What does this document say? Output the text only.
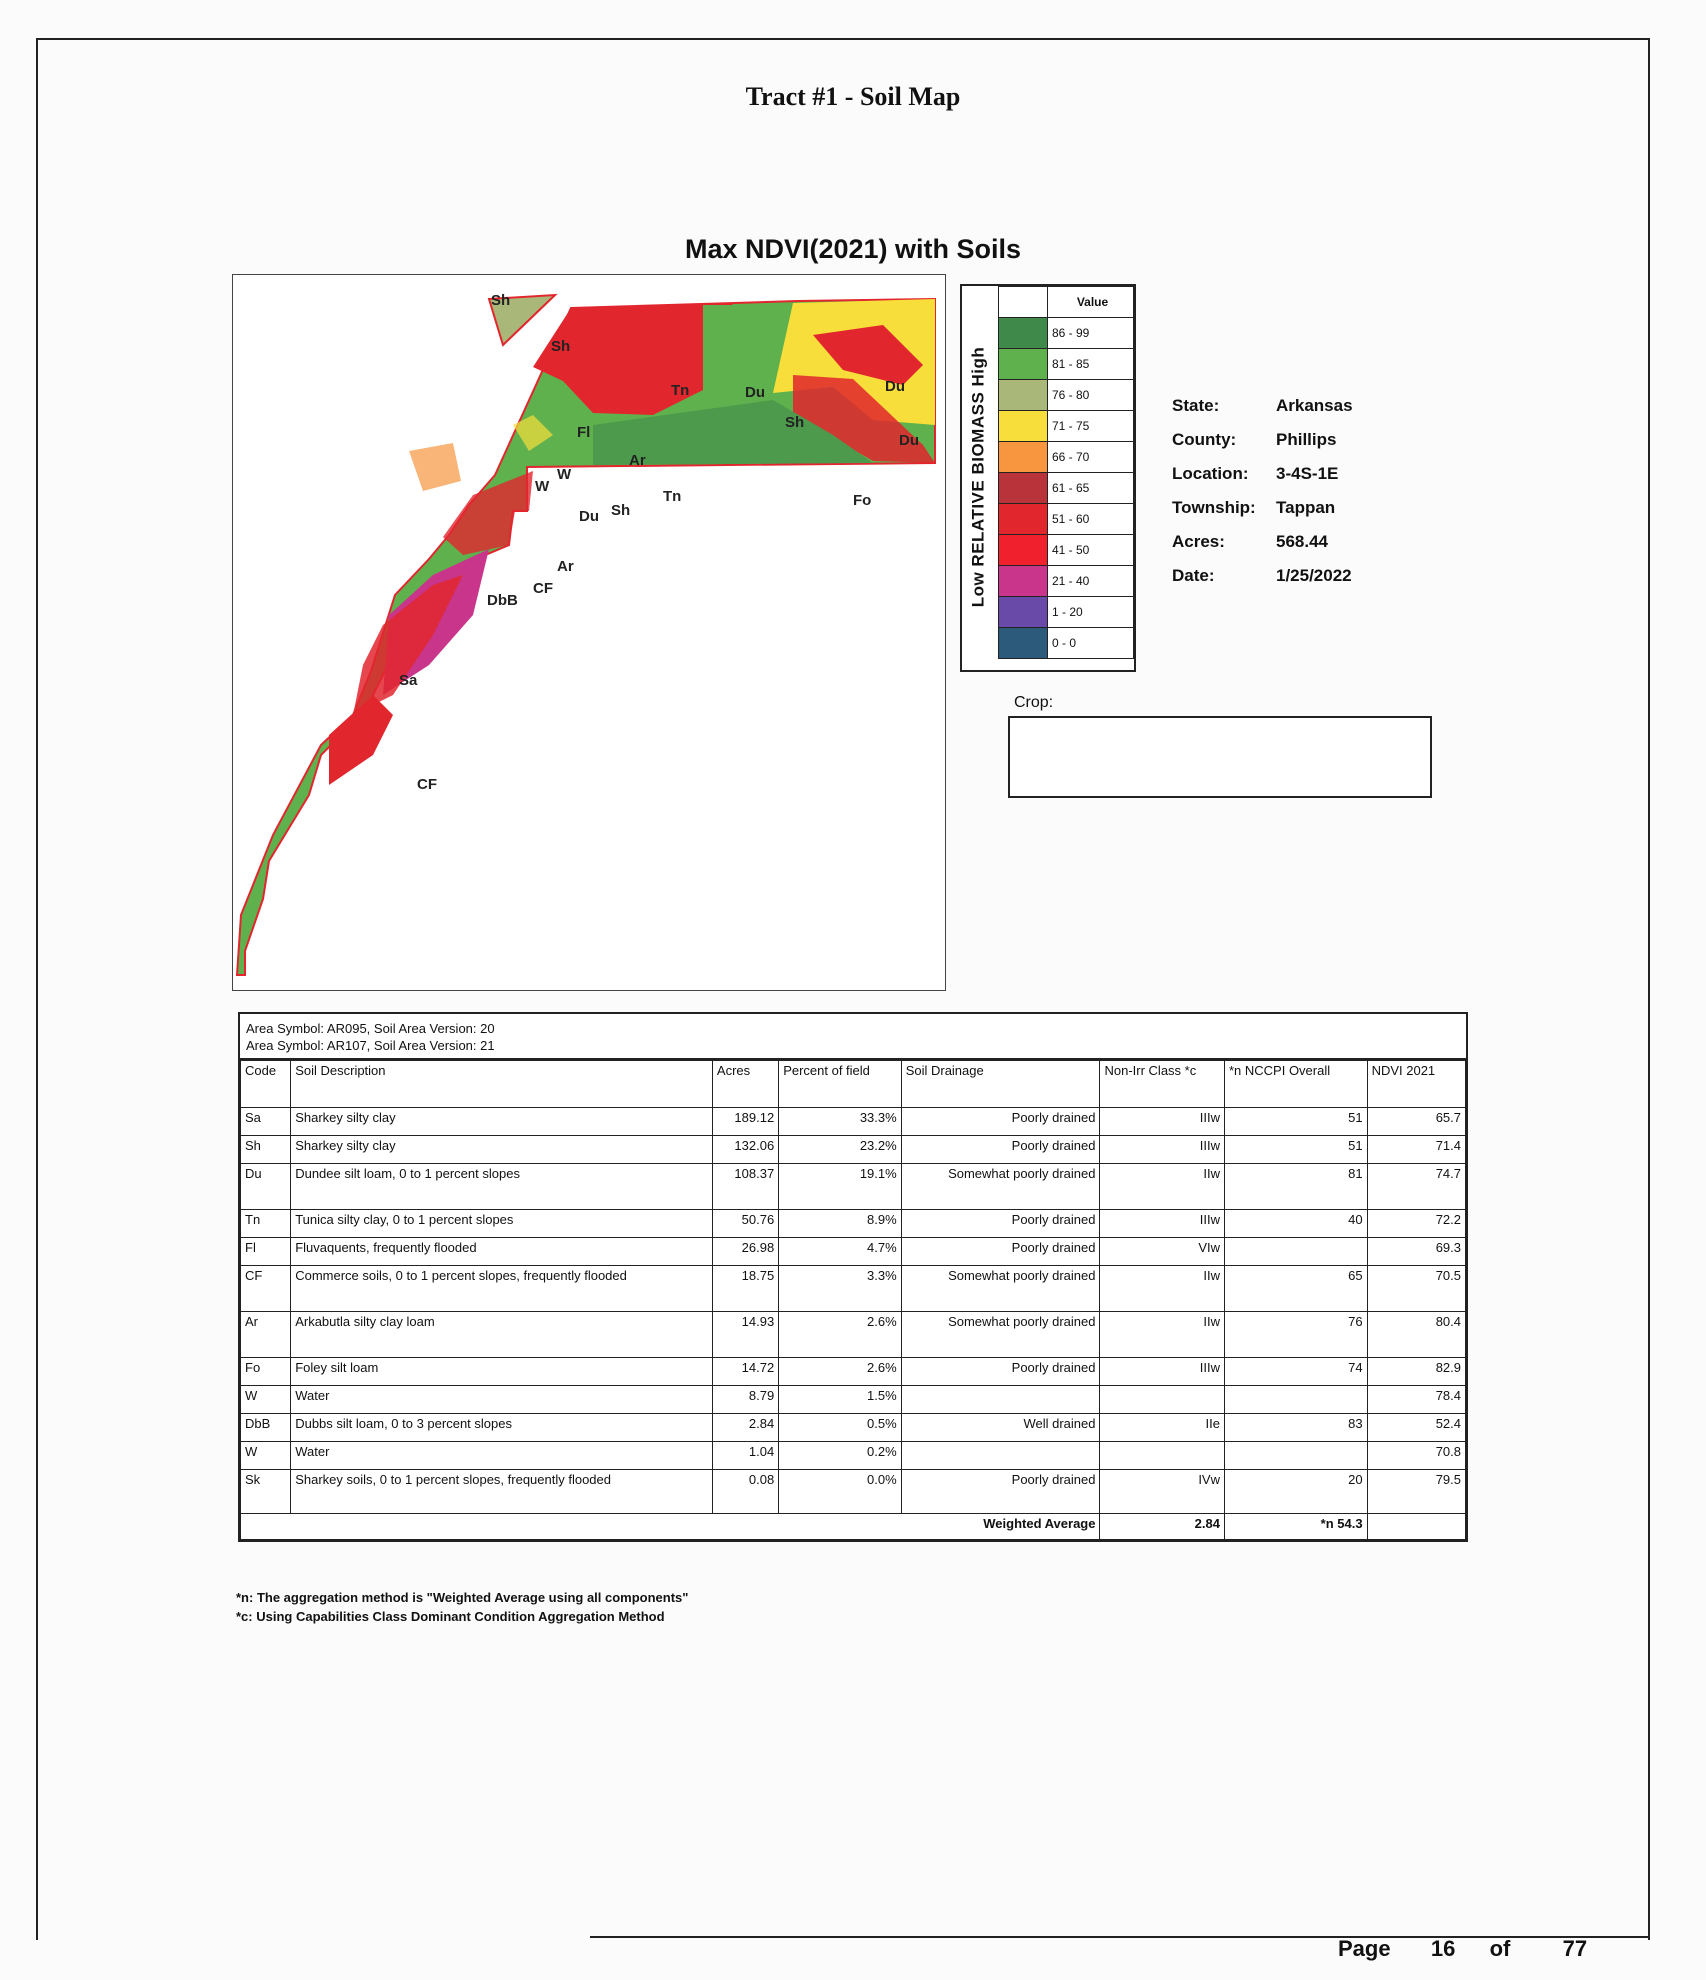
Tract #1 - Soil Map
Max NDVI(2021) with Soils
Sh
Sh
Tn	Du	Du
Sh
Du
Fl
Ar
Tn
W
W
Du Sh
Fo
Ar
DbB
CF
Sa
CF
Low RELATIVE BIOMASS High
	Value
	86 - 99
	81 - 85
	76 - 80
	71 - 75
	66 - 70
	61 - 65
	51 - 60
	41 - 50
	21 - 40
	1 - 20
	0 - 0
State:	Arkansas
County:	Phillips
Location:	3-4S-1E
Township:	Tappan
Acres:	568.44
Date:	1/25/2022
Crop:
Area Symbol: AR095, Soil Area Version: 20
Area Symbol: AR107, Soil Area Version: 21
Code	Soil Description	Acres	Percent of field	Soil Drainage	Non-Irr Class *c	*n NCCPI Overall	NDVI 2021
Sa	Sharkey silty clay	189.12	33.3%	Poorly drained	IIIw	51	65.7
Sh	Sharkey silty clay	132.06	23.2%	Poorly drained	IIIw	51	71.4
Du	Dundee silt loam, 0 to 1 percent slopes	108.37	19.1%	Somewhat poorly drained	IIw	81	74.7
Tn	Tunica silty clay, 0 to 1 percent slopes	50.76	8.9%	Poorly drained	IIIw	40	72.2
Fl	Fluvaquents, frequently flooded	26.98	4.7%	Poorly drained	VIw		69.3
CF	Commerce soils, 0 to 1 percent slopes, frequently flooded	18.75	3.3%	Somewhat poorly drained	IIw	65	70.5
Ar	Arkabutla silty clay loam	14.93	2.6%	Somewhat poorly drained	IIw	76	80.4
Fo	Foley silt loam	14.72	2.6%	Poorly drained	IIIw	74	82.9
W	Water	8.79	1.5%				78.4
DbB	Dubbs silt loam, 0 to 3 percent slopes	2.84	0.5%	Well drained	IIe	83	52.4
W	Water	1.04	0.2%				70.8
Sk	Sharkey soils, 0 to 1 percent slopes, frequently flooded	0.08	0.0%	Poorly drained	IVw	20	79.5
Weighted Average					2.84	*n 54.3	
*n: The aggregation method is "Weighted Average using all components"
*c: Using Capabilities Class Dominant Condition Aggregation Method
Page 16 of 77
